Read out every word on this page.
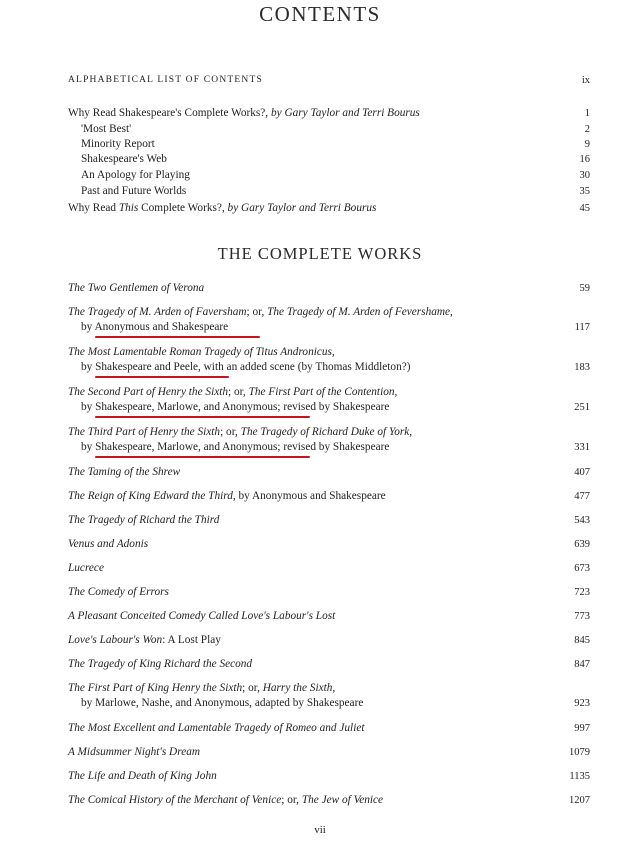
CONTENTS
ALPHABETICAL LIST OF CONTENTS	ix
Why Read Shakespeare's Complete Works?, by Gary Taylor and Terri Bourus	1
'Most Best'	2
Minority Report	9
Shakespeare's Web	16
An Apology for Playing	30
Past and Future Worlds	35
Why Read This Complete Works?, by Gary Taylor and Terri Bourus	45
THE COMPLETE WORKS
The Two Gentlemen of Verona	59
The Tragedy of M. Arden of Faversham; or, The Tragedy of M. Arden of Fevershame,
by Anonymous and Shakespeare	117
The Most Lamentable Roman Tragedy of Titus Andronicus,
by Shakespeare and Peele, with an added scene (by Thomas Middleton?)	183
The Second Part of Henry the Sixth; or, The First Part of the Contention,
by Shakespeare, Marlowe, and Anonymous; revised by Shakespeare	251
The Third Part of Henry the Sixth; or, The Tragedy of Richard Duke of York,
by Shakespeare, Marlowe, and Anonymous; revised by Shakespeare	331
The Taming of the Shrew	407
The Reign of King Edward the Third, by Anonymous and Shakespeare	477
The Tragedy of Richard the Third	543
Venus and Adonis	639
Lucrece	673
The Comedy of Errors	723
A Pleasant Conceited Comedy Called Love's Labour's Lost	773
Love's Labour's Won: A Lost Play	845
The Tragedy of King Richard the Second	847
The First Part of King Henry the Sixth; or, Harry the Sixth,
by Marlowe, Nashe, and Anonymous, adapted by Shakespeare	923
The Most Excellent and Lamentable Tragedy of Romeo and Juliet	997
A Midsummer Night's Dream	1079
The Life and Death of King John	1135
The Comical History of the Merchant of Venice; or, The Jew of Venice	1207
vii
